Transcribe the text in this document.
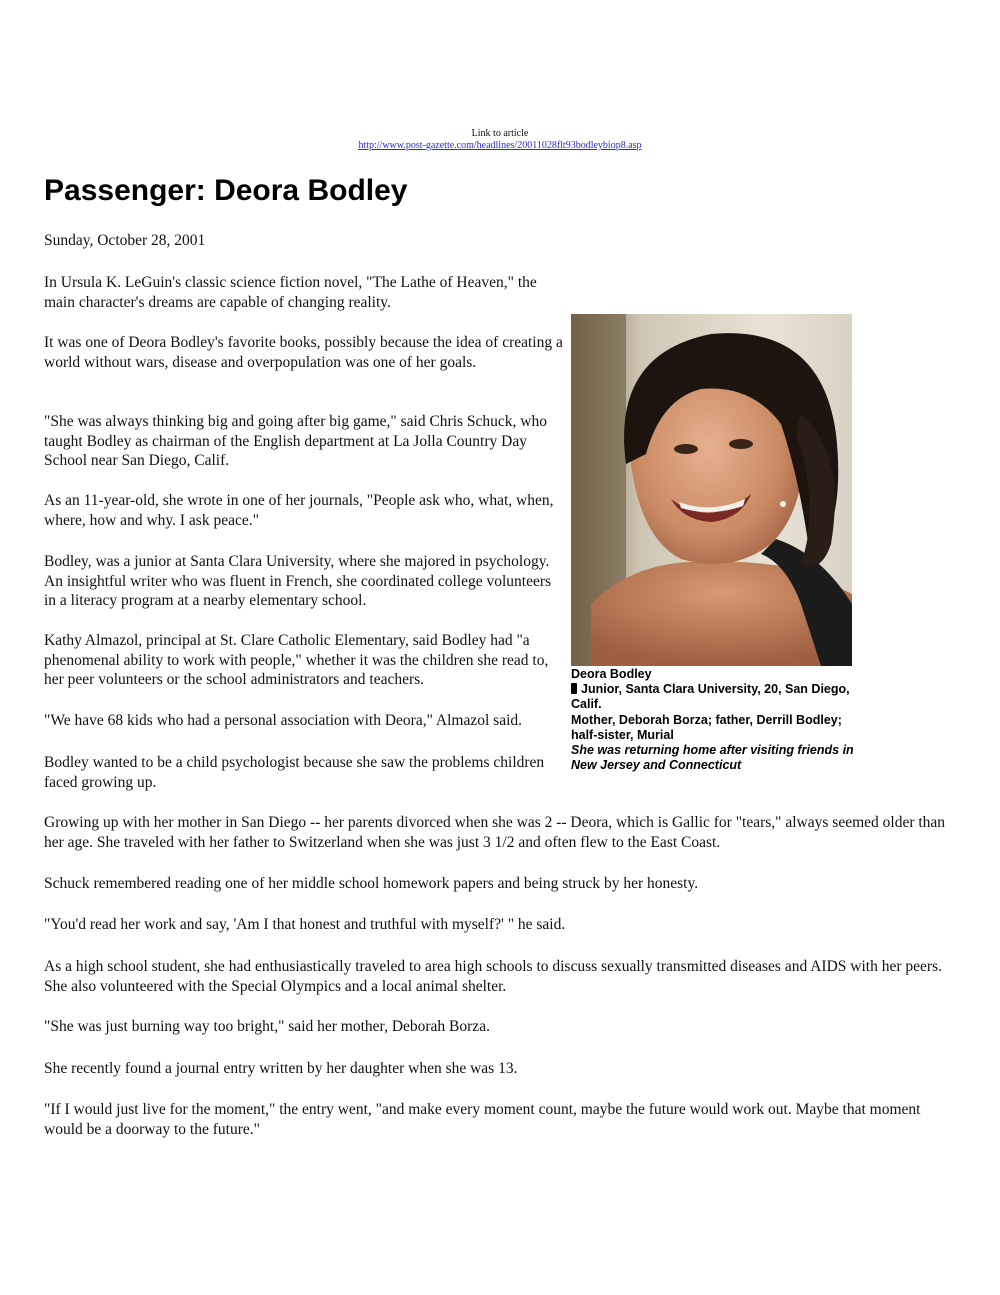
Link to article
http://www.post-gazette.com/headlines/20011028flt93bodleybiop8.asp
Passenger: Deora Bodley
Sunday, October 28, 2001

In Ursula K. LeGuin's classic science fiction novel, "The Lathe of Heaven," the main character's dreams are capable of changing reality.

It was one of Deora Bodley's favorite books, possibly because the idea of creating a world without wars, disease and overpopulation was one of her goals.

"She was always thinking big and going after big game," said Chris Schuck, who taught Bodley as chairman of the English department at La Jolla Country Day School near San Diego, Calif.

As an 11-year-old, she wrote in one of her journals, "People ask who, what, when, where, how and why. I ask peace."

Bodley, was a junior at Santa Clara University, where she majored in psychology. An insightful writer who was fluent in French, she coordinated college volunteers in a literacy program at a nearby elementary school.

Kathy Almazol, principal at St. Clare Catholic Elementary, said Bodley had "a phenomenal ability to work with people," whether it was the children she read to, her peer volunteers or the school administrators and teachers.

"We have 68 kids who had a personal association with Deora," Almazol said.

Bodley wanted to be a child psychologist because she saw the problems children faced growing up.

Deora Bodley
Junior, Santa Clara University, 20, San Diego, Calif.
Mother, Deborah Borza; father, Derrill Bodley; half-sister, Murial
She was returning home after visiting friends in New Jersey and Connecticut

Growing up with her mother in San Diego -- her parents divorced when she was 2 -- Deora, which is Gallic for "tears," always seemed older than her age. She traveled with her father to Switzerland when she was just 3 1/2 and often flew to the East Coast.

Schuck remembered reading one of her middle school homework papers and being struck by her honesty.

"You'd read her work and say, 'Am I that honest and truthful with myself?' " he said.

As a high school student, she had enthusiastically traveled to area high schools to discuss sexually transmitted diseases and AIDS with her peers. She also volunteered with the Special Olympics and a local animal shelter.

"She was just burning way too bright," said her mother, Deborah Borza.

She recently found a journal entry written by her daughter when she was 13.

"If I would just live for the moment," the entry went, "and make every moment count, maybe the future would work out. Maybe that moment would be a doorway to the future."
